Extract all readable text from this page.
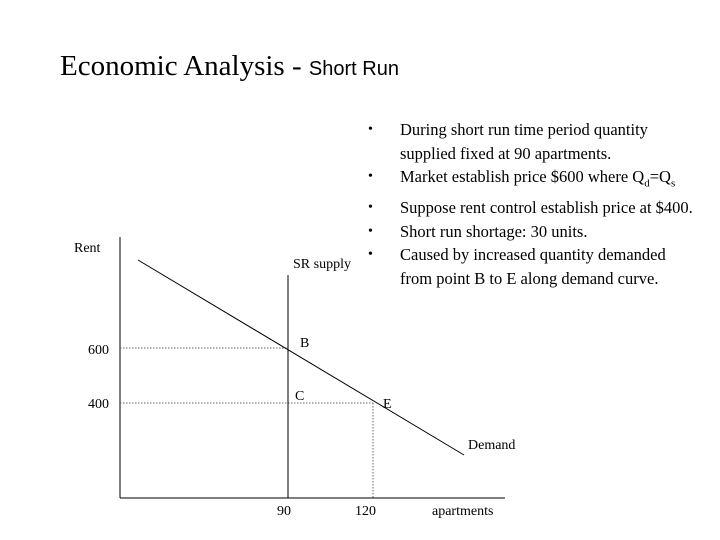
Economic Analysis - Short Run
• During short run time period quantity supplied fixed at 90 apartments.
• Market establish price $600 where $Q_d=Q_s$
• Suppose rent control establish price at $400.
• Short run shortage: 30 units.
• Caused by increased quantity demanded from point B to E along demand curve.
Rent
600
400
90	120	apartments
SR supply
Demand
B
C
E
